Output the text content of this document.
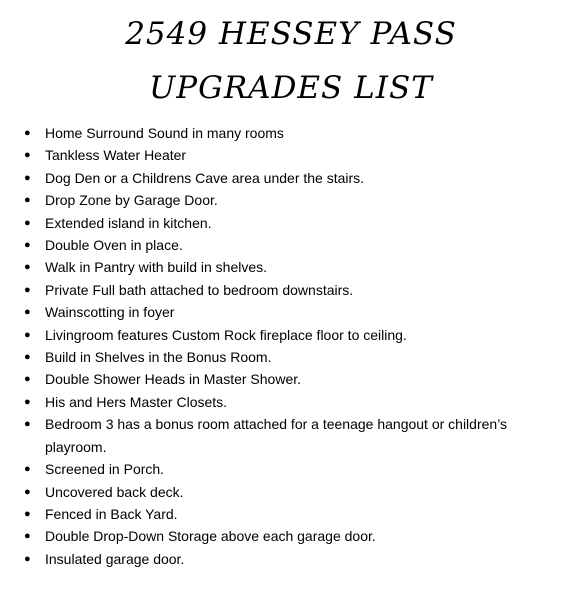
2549 HESSEY PASS
UPGRADES LIST
●	Home Surround Sound in many rooms
●	Tankless Water Heater
●	Dog Den or a Childrens Cave area under the stairs.
●	Drop Zone by Garage Door.
●	Extended island in kitchen.
●	Double Oven in place.
●	Walk in Pantry with build in shelves.
●	Private Full bath attached to bedroom downstairs.
●	Wainscotting in foyer
●	Livingroom features Custom Rock fireplace floor to ceiling.
●	Build in Shelves in the Bonus Room.
●	Double Shower Heads in Master Shower.
●	His and Hers Master Closets.
●	Bedroom 3 has a bonus room attached for a teenage hangout or children’s playroom.
●	Screened in Porch.
●	Uncovered back deck.
●	Fenced in Back Yard.
●	Double Drop-Down Storage above each garage door.
●	Insulated garage door.
